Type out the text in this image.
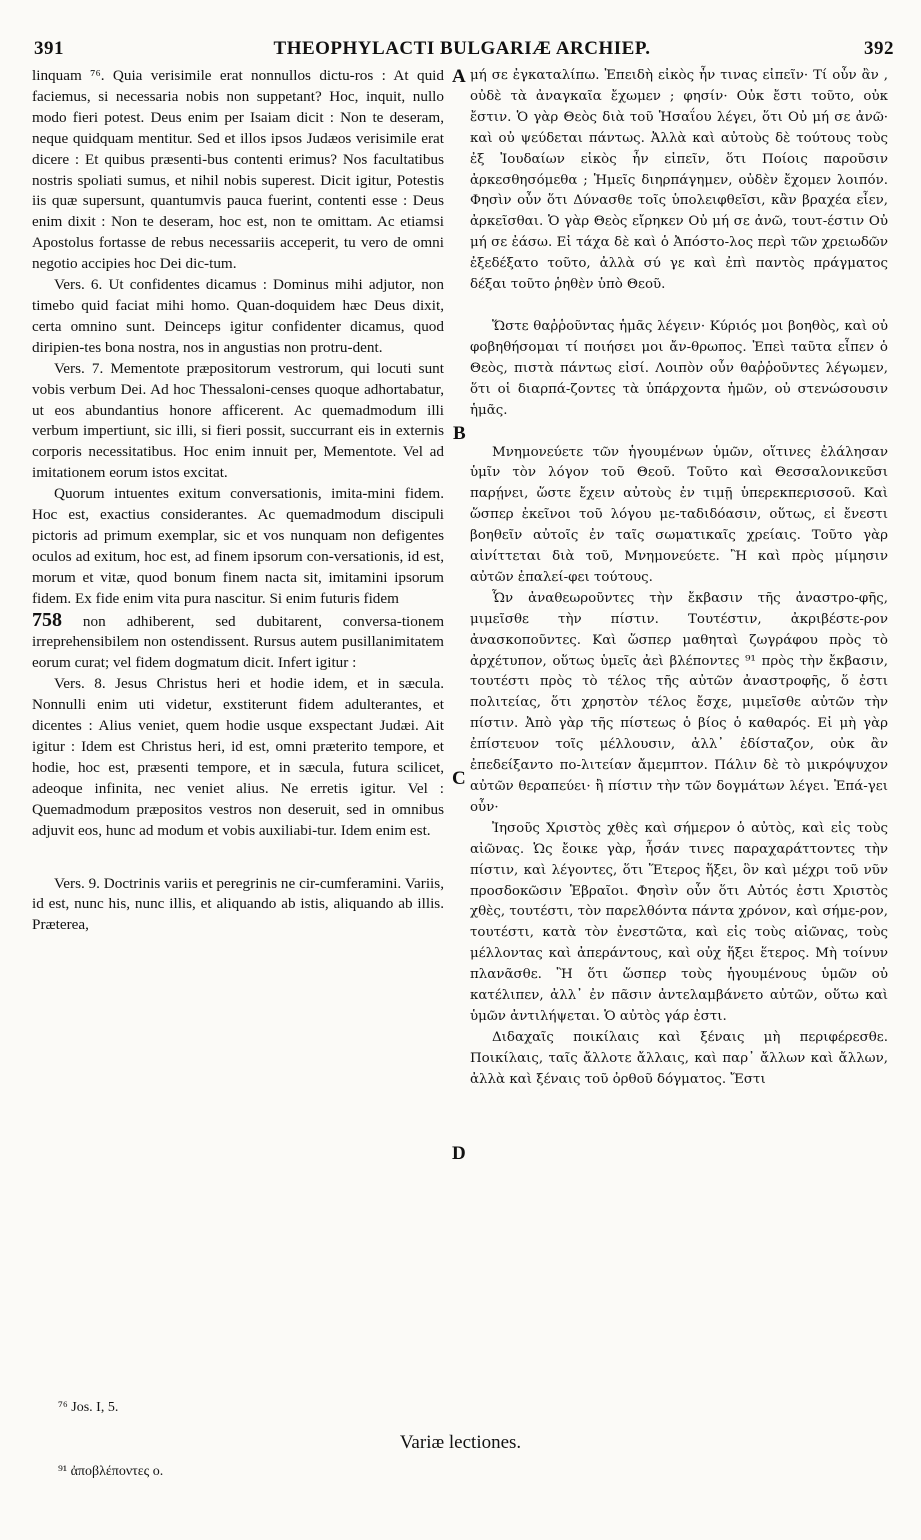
391	THEOPHYLACTI BULGARIÆ ARCHIEP.	392
A
B
C
D

linquam ⁷⁶. Quia verisimile erat nonnullos dictu-ros : At quid faciemus, si necessaria nobis non suppetant? Hoc, inquit, nullo modo fieri potest. Deus enim per Isaiam dicit : Non te deseram, neque quidquam mentitur. Sed et illos ipsos Judæos verisimile erat dicere : Et quibus præsenti-bus contenti erimus? Nos facultatibus nostris spoliati sumus, et nihil nobis superest. Dicit igitur, Potestis iis quæ supersunt, quantumvis pauca fuerint, contenti esse : Deus enim dixit : Non te deseram, hoc est, non te omittam. Ac etiamsi Apostolus fortasse de rebus necessariis acceperit, tu vero de omni negotio accipies hoc Dei dic-tum.

Vers. 6. Ut confidentes dicamus : Dominus mihi adjutor, non timebo quid faciat mihi homo. Quan-doquidem hæc Deus dixit, certa omnino sunt. Deinceps igitur confidenter dicamus, quod diripien-tes bona nostra, nos in angustias non protru-dent.

Vers. 7. Mementote præpositorum vestrorum, qui locuti sunt vobis verbum Dei. Ad hoc Thessaloni-censes quoque adhortabatur, ut eos abundantius honore afficerent. Ac quemadmodum illi verbum impertiunt, sic illi, si fieri possit, succurrant eis in externis corporis necessitatibus. Hoc enim innuit per, Mementote. Vel ad imitationem eorum istos excitat.

Quorum intuentes exitum conversationis, imita-mini fidem. Hoc est, exactius considerantes. Ac quemadmodum discipuli pictoris ad primum exemplar, sic et vos nunquam non defigentes oculos ad exitum, hoc est, ad finem ipsorum con-versationis, id est, morum et vitæ, quod bonum finem nacta sit, imitamini ipsorum fidem. Ex fide enim vita pura nascitur. Si enim futuris fidem

758 non adhiberent, sed dubitarent, conversa-tionem irreprehensibilem non ostendissent. Rursus autem pusillanimitatem eorum curat; vel fidem dogmatum dicit. Infert igitur :

Vers. 8. Jesus Christus heri et hodie idem, et in sæcula. Nonnulli enim uti videtur, exstiterunt fidem adulterantes, et dicentes : Alius veniet, quem hodie usque exspectant Judæi. Ait igitur : Idem est Christus heri, id est, omni præterito tempore, et hodie, hoc est, præsenti tempore, et in sæcula, futura scilicet, adeoque infinita, nec veniet alius. Ne erretis igitur. Vel : Quemadmodum præpositos vestros non deseruit, sed in omnibus adjuvit eos, hunc ad modum et vobis auxiliabi-tur. Idem enim est.

Vers. 9. Doctrinis variis et peregrinis ne cir-cumferamini. Variis, id est, nunc his, nunc illis, et aliquando ab istis, aliquando ab illis. Præterea,

μή σε ἐγκαταλίπω. Ἐπειδὴ εἰκὸς ἦν τινας εἰπεῖν· Τί οὖν ἂν , οὐδὲ τὰ ἀναγκαῖα ἔχωμεν ; φησίν· Οὐκ ἔστι τοῦτο, οὐκ ἔστιν. Ὁ γὰρ Θεὸς διὰ τοῦ Ἡσαΐου λέγει, ὅτι Οὐ μή σε ἀνῶ· καὶ οὐ ψεύδεται πάντως. Ἀλλὰ καὶ αὐτοὺς δὲ τούτους τοὺς ἐξ Ἰουδαίων εἰκὸς ἦν εἰπεῖν, ὅτι Ποίοις παροῦσιν ἀρκεσθησόμεθα ; Ἡμεῖς διηρπάγημεν, οὐδὲν ἔχομεν λοιπόν. Φησὶν οὖν ὅτι Δύνασθε τοῖς ὑπολειφθεῖσι, κἂν βραχέα εἶεν, ἀρκεῖσθαι. Ὁ γὰρ Θεὸς εἴρηκεν Οὐ μή σε ἀνῶ, τουτ-έστιν Οὐ μή σε ἐάσω. Εἰ τάχα δὲ καὶ ὁ Ἀπόστο-λος περὶ τῶν χρειωδῶν ἐξεδέξατο τοῦτο, ἀλλὰ σύ γε καὶ ἐπὶ παντὸς πράγματος δέξαι τοῦτο ῥηθὲν ὑπὸ Θεοῦ.

Ὥστε θαῤῥοῦντας ἡμᾶς λέγειν· Κύριός μοι βοηθὸς, καὶ οὐ φοβηθήσομαι τί ποιήσει μοι ἄν-θρωπος. Ἐπεὶ ταῦτα εἶπεν ὁ Θεὸς, πιστὰ πάντως εἰσί. Λοιπὸν οὖν θαῤῥοῦντες λέγωμεν, ὅτι οἱ διαρπά-ζοντες τὰ ὑπάρχοντα ἡμῶν, οὐ στενώσουσιν ἡμᾶς.

Μνημονεύετε τῶν ἡγουμένων ὑμῶν, οἵτινες ἐλάλησαν ὑμῖν τὸν λόγον τοῦ Θεοῦ. Τοῦτο καὶ Θεσσαλονικεῦσι παρῄνει, ὥστε ἔχειν αὐτοὺς ἐν τιμῇ ὑπερεκπερισσοῦ. Καὶ ὥσπερ ἐκεῖνοι τοῦ λόγου με-ταδιδόασιν, οὕτως, εἰ ἔνεστι βοηθεῖν αὐτοῖς ἐν ταῖς σωματικαῖς χρείαις. Τοῦτο γὰρ αἰνίττεται διὰ τοῦ, Μνημονεύετε. Ἢ καὶ πρὸς μίμησιν αὐτῶν ἐπαλεί-φει τούτους.

Ὧν ἀναθεωροῦντες τὴν ἔκβασιν τῆς ἀναστρο-φῆς, μιμεῖσθε τὴν πίστιν. Τουτέστιν, ἀκριβέστε-ρον ἀνασκοποῦντες. Καὶ ὥσπερ μαθηταὶ ζωγράφου πρὸς τὸ ἀρχέτυπον, οὕτως ὑμεῖς ἀεὶ βλέποντες ⁹¹ πρὸς τὴν ἔκβασιν, τουτέστι πρὸς τὸ τέλος τῆς αὐτῶν ἀναστροφῆς, ὅ ἐστι πολιτείας, ὅτι χρηστὸν τέλος ἔσχε, μιμεῖσθε αὐτῶν τὴν πίστιν. Ἀπὸ γὰρ τῆς πίστεως ὁ βίος ὁ καθαρός. Εἰ μὴ γὰρ ἐπίστευον τοῖς μέλλουσιν, ἀλλ᾽ ἐδίσταζον, οὐκ ἂν ἐπεδείξαντο πο-λιτείαν ἄμεμπτον. Πάλιν δὲ τὸ μικρόψυχον αὐτῶν θεραπεύει· ἢ πίστιν τὴν τῶν δογμάτων λέγει. Ἐπά-γει οὖν·

Ἰησοῦς Χριστὸς χθὲς καὶ σήμερον ὁ αὐτὸς, καὶ εἰς τοὺς αἰῶνας. Ὡς ἔοικε γὰρ, ἦσάν τινες παραχαράττοντες τὴν πίστιν, καὶ λέγοντες, ὅτι Ἕτερος ἥξει, ὃν καὶ μέχρι τοῦ νῦν προσδοκῶσιν Ἑβραῖοι. Φησὶν οὖν ὅτι Αὐτός ἐστι Χριστὸς χθὲς, τουτέστι, τὸν παρελθόντα πάντα χρόνον, καὶ σήμε-ρον, τουτέστι, κατὰ τὸν ἐνεστῶτα, καὶ εἰς τοὺς αἰῶνας, τοὺς μέλλοντας καὶ ἀπεράντους, καὶ οὐχ ἥξει ἕτερος. Μὴ τοίνυν πλανᾶσθε. Ἢ ὅτι ὥσπερ τοὺς ἡγουμένους ὑμῶν οὐ κατέλιπεν, ἀλλ᾽ ἐν πᾶσιν ἀντελαμβάνετο αὐτῶν, οὕτω καὶ ὑμῶν ἀντιλήψεται. Ὁ αὐτὸς γάρ ἐστι.

Διδαχαῖς ποικίλαις καὶ ξέναις μὴ περιφέρεσθε. Ποικίλαις, ταῖς ἄλλοτε ἄλλαις, καὶ παρ᾽ ἄλλων καὶ ἄλλων, ἀλλὰ καὶ ξέναις τοῦ ὀρθοῦ δόγματος. Ἔστι

⁷⁶ Jos. I, 5.
Variæ lectiones.
⁹¹ ἀποβλέποντες ο.
